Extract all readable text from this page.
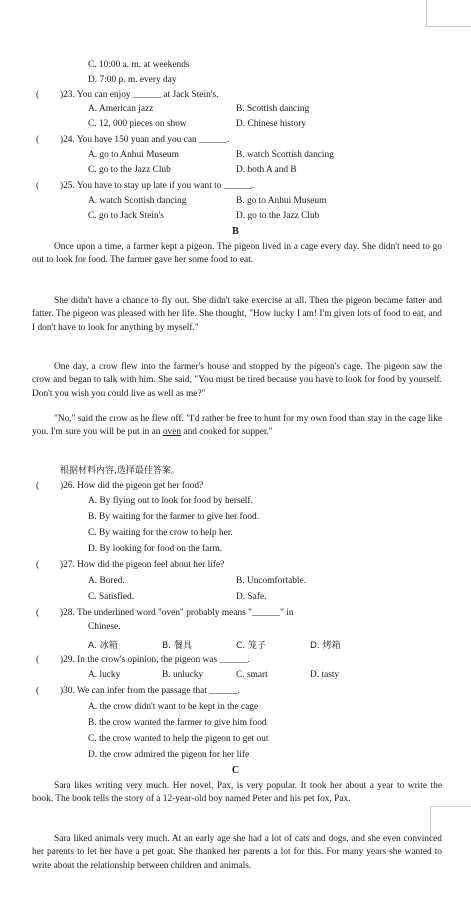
C. 10:00 a. m. at weekends
D. 7:00 p. m. every day
( )23. You can enjoy ______ at Jack Stein's.
A. American jazz	B. Scottish dancing
C. 12, 000 pieces on show	D. Chinese history
( )24. You have 150 yuan and you can ______.
A. go to Anhui Museum	B. watch Scottish dancing
C. go to the Jazz Club	D. both A and B
( )25. You have to stay up late if you want to ______.
A. watch Scottish dancing	B. go to Anhui Museum
C. go to Jack Stein's	D. go to the Jazz Club
B
Once upon a time, a farmer kept a pigeon. The pigeon lived in a cage every day. She didn't need to go out to look for food. The farmer gave her some food to eat.
She didn't have a chance to fly out. She didn't take exercise at all. Then the pigeon became fatter and fatter. The pigeon was pleased with her life. She thought, "How lucky I am! I'm given lots of food to eat, and I don't have to look for anything by myself."
One day, a crow flew into the farmer's house and stopped by the pigeon's cage. The pigeon saw the crow and began to talk with him. She said, "You must be tired because you have to look for food by yourself. Don't you wish you could live as well as me?"
"No," said the crow as he flew off. "I'd rather be free to hunt for my own food than stay in the cage like you. I'm sure you will be put in an oven and cooked for supper."
根据材料内容,选择最佳答案。
( )26. How did the pigeon get her food?
A. By flying out to look for food by herself.
B. By waiting for the farmer to give her food.
C. By waiting for the crow to help her.
D. By looking for food on the farm.
( )27. How did the pigeon feel about her life?
A. Bored.	B. Uncomfortable.
C. Satisfied.	D. Safe.
( )28. The underlined word "oven" probably means "______" in
Chinese.
A. 冰箱	B. 餐具	C. 笼子	D. 烤箱
( )29. In the crow's opinion, the pigeon was ______.
A. lucky	B. unlucky	C. smart	D. tasty
( )30. We can infer from the passage that ______.
A. the crow didn't want to be kept in the cage
B. the crow wanted the farmer to give him food
C. the crow wanted to help the pigeon to get out
D. the crow admired the pigeon for her life
C
Sara likes writing very much. Her novel, Pax, is very popular. It took her about a year to write the book. The book tells the story of a 12-year-old boy named Peter and his pet fox, Pax.
Sara liked animals very much. At an early age she had a lot of cats and dogs, and she even convinced her parents to let her have a pet goat. She thanked her parents a lot for this. For many years she wanted to write about the relationship between children and animals.
